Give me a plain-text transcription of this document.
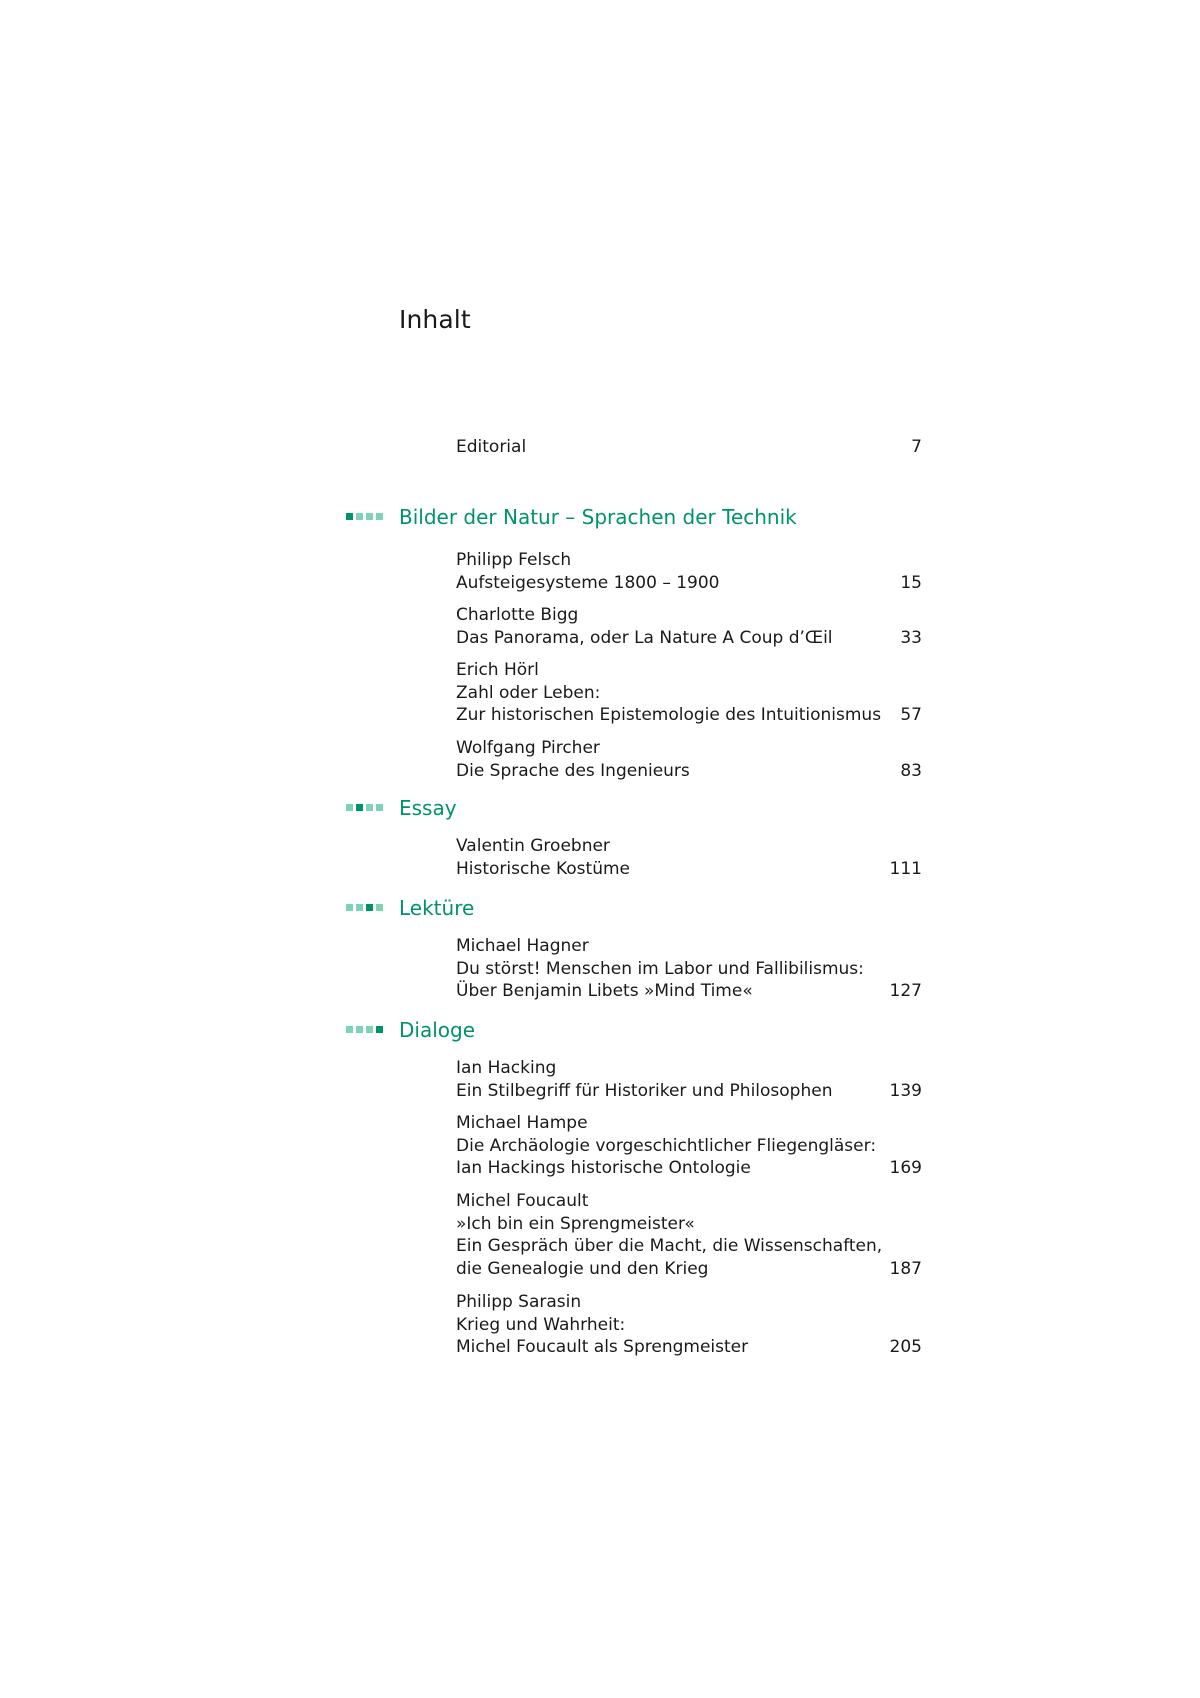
Inhalt
Editorial	7
Bilder der Natur – Sprachen der Technik
Philipp Felsch
Aufsteigesysteme 1800 – 1900	15
Charlotte Bigg
Das Panorama, oder La Nature A Coup d’Œil	33
Erich Hörl
Zahl oder Leben:
Zur historischen Epistemologie des Intuitionismus	57
Wolfgang Pircher
Die Sprache des Ingenieurs	83
Essay
Valentin Groebner
Historische Kostüme	111
Lektüre
Michael Hagner
Du störst! Menschen im Labor und Fallibilismus:
Über Benjamin Libets »Mind Time«	127
Dialoge
Ian Hacking
Ein Stilbegriff für Historiker und Philosophen	139
Michael Hampe
Die Archäologie vorgeschichtlicher Fliegengläser:
Ian Hackings historische Ontologie	169
Michel Foucault
»Ich bin ein Sprengmeister«
Ein Gespräch über die Macht, die Wissenschaften,
die Genealogie und den Krieg	187
Philipp Sarasin
Krieg und Wahrheit:
Michel Foucault als Sprengmeister	205
